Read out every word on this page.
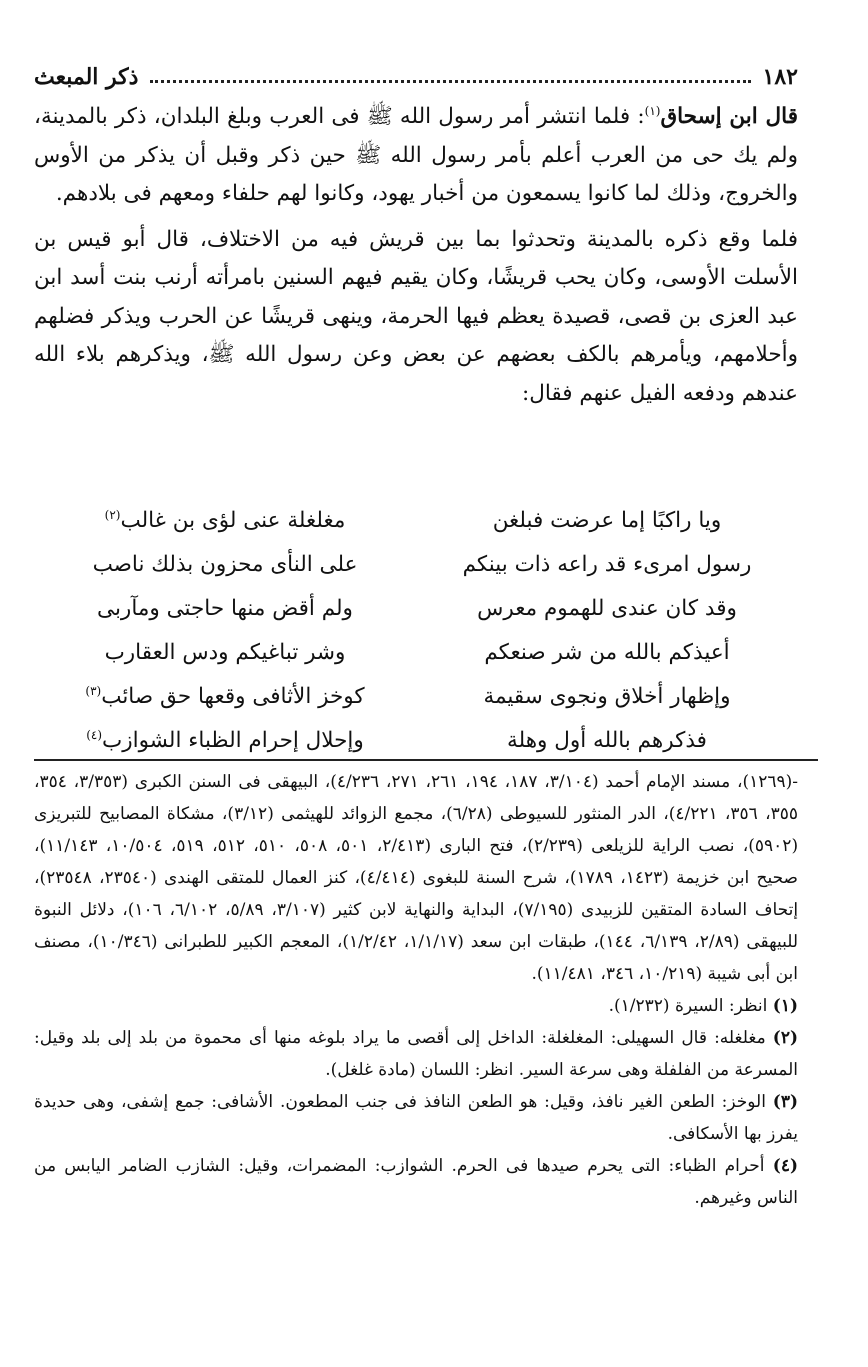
١٨٢
ذكر المبعث

قال ابن إسحاق$^{(١)}$: فلما انتشر أمر رسول الله ﷺ فى العرب وبلغ البلدان، ذكر بالمدينة، ولم يك حى من العرب أعلم بأمر رسول الله ﷺ حين ذكر وقبل أن يذكر من الأوس والخروج، وذلك لما كانوا يسمعون من أخبار يهود، وكانوا لهم حلفاء ومعهم فى بلادهم.

فلما وقع ذكره بالمدينة وتحدثوا بما بين قريش فيه من الاختلاف، قال أبو قيس بن الأسلت الأوسى، وكان يحب قريشًا، وكان يقيم فيهم السنين بامرأته أرنب بنت أسد ابن عبد العزى بن قصى، قصيدة يعظم فيها الحرمة، وينهى قريشًا عن الحرب ويذكر فضلهم وأحلامهم، ويأمرهم بالكف بعضهم عن بعض وعن رسول الله ﷺ، ويذكرهم بلاء الله عندهم ودفعه الفيل عنهم فقال:

ويا راكبًا إما عرضت فبلغن
مغلغلة عنى لؤى بن غالب$^{(٢)}$
رسول امرىء قد راعه ذات بينكم
على النأى محزون بذلك ناصب
وقد كان عندى للهموم معرس
ولم أقض منها حاجتى ومآربى
أعيذكم بالله من شر صنعكم
وشر تباغيكم ودس العقارب
وإظهار أخلاق ونجوى سقيمة
كوخز الأثافى وقعها حق صائب$^{(٣)}$
فذكرهم بالله أول وهلة
وإحلال إحرام الظباء الشوازب$^{(٤)}$

-(١٢٦٩)، مسند الإمام أحمد (٣/١٠٤، ١٨٧، ١٩٤، ٢٦١، ٢٧١، ٤/٢٣٦)، البيهقى فى السنن الكبرى (٣/٣٥٣، ٣٥٤، ٣٥٥، ٣٥٦، ٤/٢٢١)، الدر المنثور للسيوطى (٦/٢٨)، مجمع الزوائد للهيثمى (٣/١٢)، مشكاة المصابيح للتبريزى (٥٩٠٢)، نصب الراية للزيلعى (٢/٢٣٩)، فتح البارى (٢/٤١٣، ٥٠١، ٥٠٨، ٥١٠، ٥١٢، ٥١٩، ١٠/٥٠٤، ١١/١٤٣)، صحيح ابن خزيمة (١٤٢٣، ١٧٨٩)، شرح السنة للبغوى (٤/٤١٤)، كنز العمال للمتقى الهندى (٢٣٥٤٠، ٢٣٥٤٨)، إتحاف السادة المتقين للزبيدى (٧/١٩٥)، البداية والنهاية لابن كثير (٣/١٠٧، ٥/٨٩، ٦/١٠٢، ١٠٦)، دلائل النبوة للبيهقى (٢/٨٩، ٦/١٣٩، ١٤٤)، طبقات ابن سعد (١/١/١٧، ١/٢/٤٢)، المعجم الكبير للطبرانى (١٠/٣٤٦)، مصنف ابن أبى شيبة (١٠/٢١٩، ٣٤٦، ١١/٤٨١).

(١) انظر: السيرة (١/٢٣٢).

(٢) مغلغله: قال السهيلى: المغلغلة: الداخل إلى أقصى ما يراد بلوغه منها أى محموة من بلد إلى بلد وقيل: المسرعة من الفلفلة وهى سرعة السير. انظر: اللسان (مادة غلغل).

(٣) الوخز: الطعن الغير نافذ، وقيل: هو الطعن النافذ فى جنب المطعون. الأشافى: جمع إشفى، وهى حديدة يفرز بها الأسكافى.

(٤) أحرام الظباء: التى يحرم صيدها فى الحرم. الشوازب: المضمرات، وقيل: الشازب الضامر اليابس من الناس وغيرهم.
